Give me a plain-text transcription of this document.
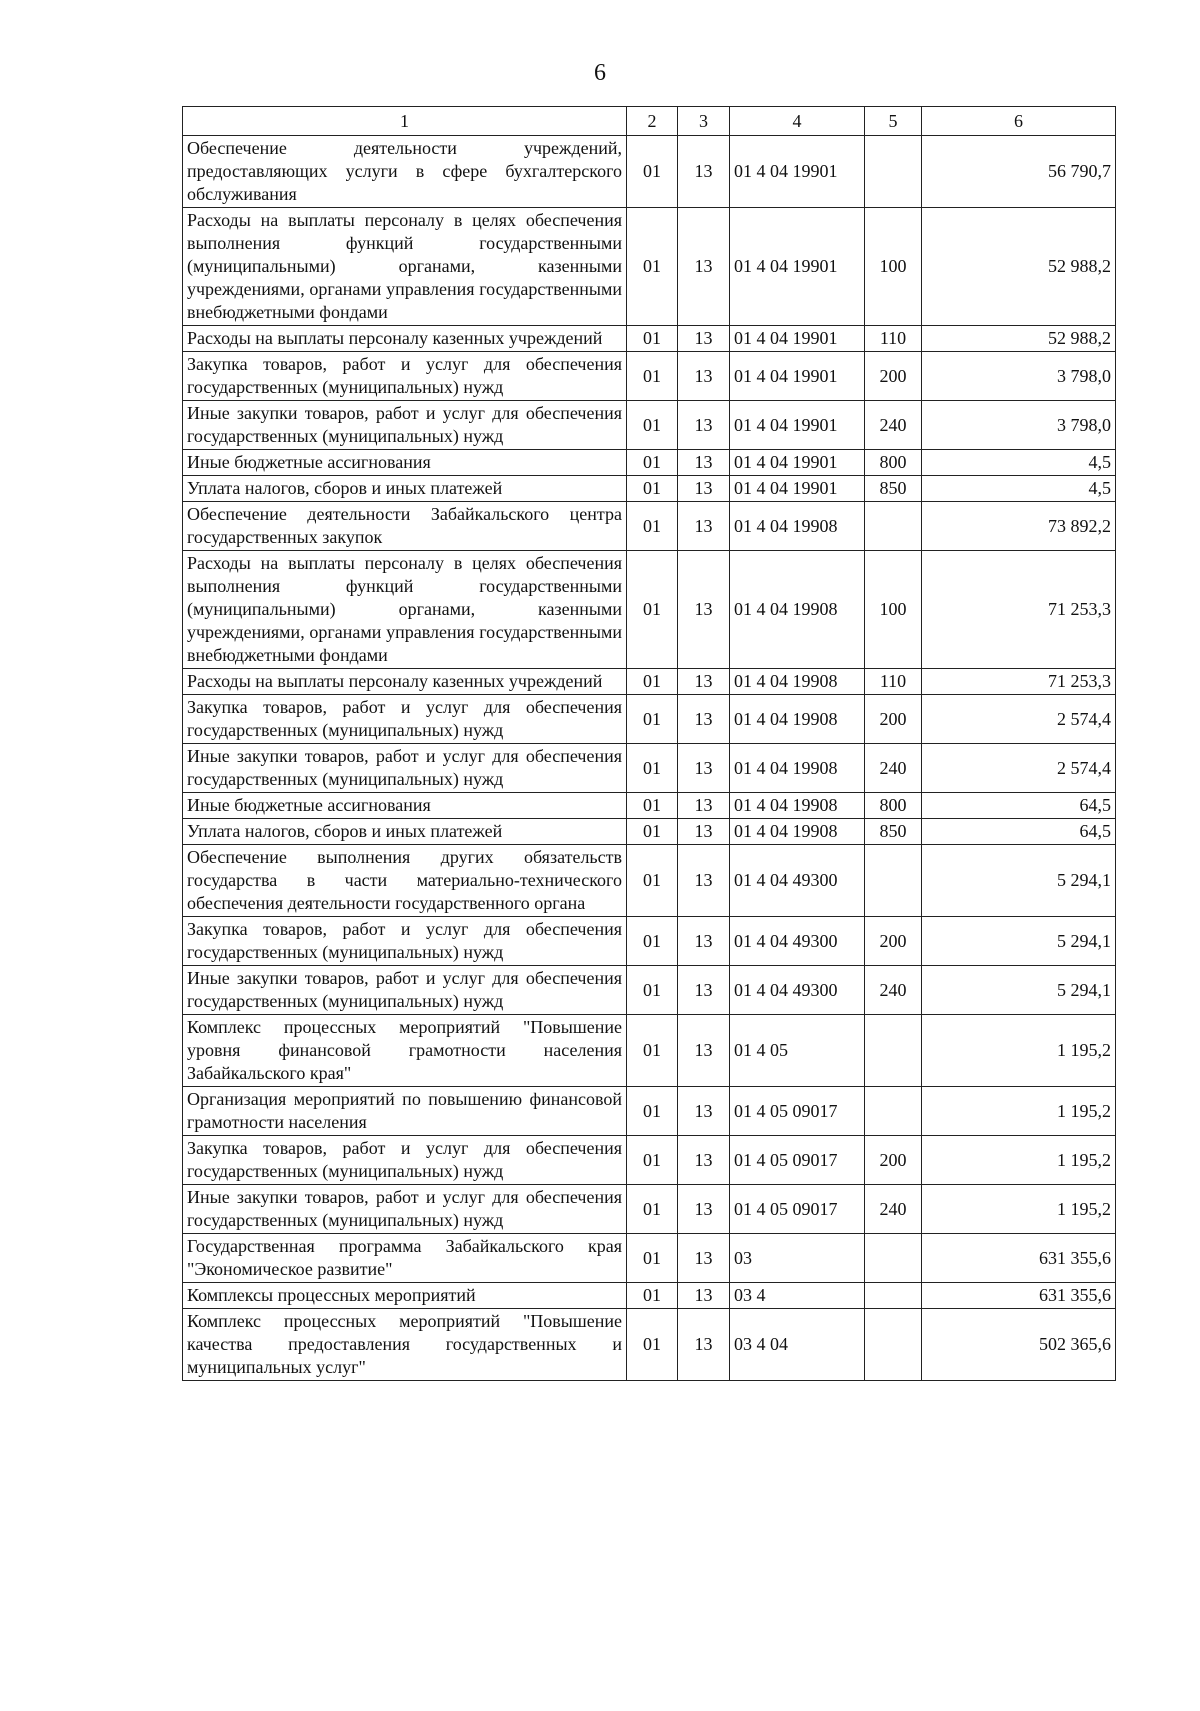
6
1	2	3	4	5	6
Обеспечение деятельности учреждений, предоставляющих услуги в сфере бухгалтерского обслуживания	01	13	01 4 04 19901		56 790,7
Расходы на выплаты персоналу в целях обеспечения выполнения функций государственными (муниципальными) органами, казенными учреждениями, органами управления государственными внебюджетными фондами	01	13	01 4 04 19901	100	52 988,2
Расходы на выплаты персоналу казенных учреждений	01	13	01 4 04 19901	110	52 988,2
Закупка товаров, работ и услуг для обеспечения государственных (муниципальных) нужд	01	13	01 4 04 19901	200	3 798,0
Иные закупки товаров, работ и услуг для обеспечения государственных (муниципальных) нужд	01	13	01 4 04 19901	240	3 798,0
Иные бюджетные ассигнования	01	13	01 4 04 19901	800	4,5
Уплата налогов, сборов и иных платежей	01	13	01 4 04 19901	850	4,5
Обеспечение деятельности Забайкальского центра государственных закупок	01	13	01 4 04 19908		73 892,2
Расходы на выплаты персоналу в целях обеспечения выполнения функций государственными (муниципальными) органами, казенными учреждениями, органами управления государственными внебюджетными фондами	01	13	01 4 04 19908	100	71 253,3
Расходы на выплаты персоналу казенных учреждений	01	13	01 4 04 19908	110	71 253,3
Закупка товаров, работ и услуг для обеспечения государственных (муниципальных) нужд	01	13	01 4 04 19908	200	2 574,4
Иные закупки товаров, работ и услуг для обеспечения государственных (муниципальных) нужд	01	13	01 4 04 19908	240	2 574,4
Иные бюджетные ассигнования	01	13	01 4 04 19908	800	64,5
Уплата налогов, сборов и иных платежей	01	13	01 4 04 19908	850	64,5
Обеспечение выполнения других обязательств государства в части материально-технического обеспечения деятельности государственного органа	01	13	01 4 04 49300		5 294,1
Закупка товаров, работ и услуг для обеспечения государственных (муниципальных) нужд	01	13	01 4 04 49300	200	5 294,1
Иные закупки товаров, работ и услуг для обеспечения государственных (муниципальных) нужд	01	13	01 4 04 49300	240	5 294,1
Комплекс процессных мероприятий "Повышение уровня финансовой грамотности населения Забайкальского края"	01	13	01 4 05		1 195,2
Организация мероприятий по повышению финансовой грамотности населения	01	13	01 4 05 09017		1 195,2
Закупка товаров, работ и услуг для обеспечения государственных (муниципальных) нужд	01	13	01 4 05 09017	200	1 195,2
Иные закупки товаров, работ и услуг для обеспечения государственных (муниципальных) нужд	01	13	01 4 05 09017	240	1 195,2
Государственная программа Забайкальского края "Экономическое развитие"	01	13	03		631 355,6
Комплексы процессных мероприятий	01	13	03 4		631 355,6
Комплекс процессных мероприятий "Повышение качества предоставления государственных и муниципальных услуг"	01	13	03 4 04		502 365,6
